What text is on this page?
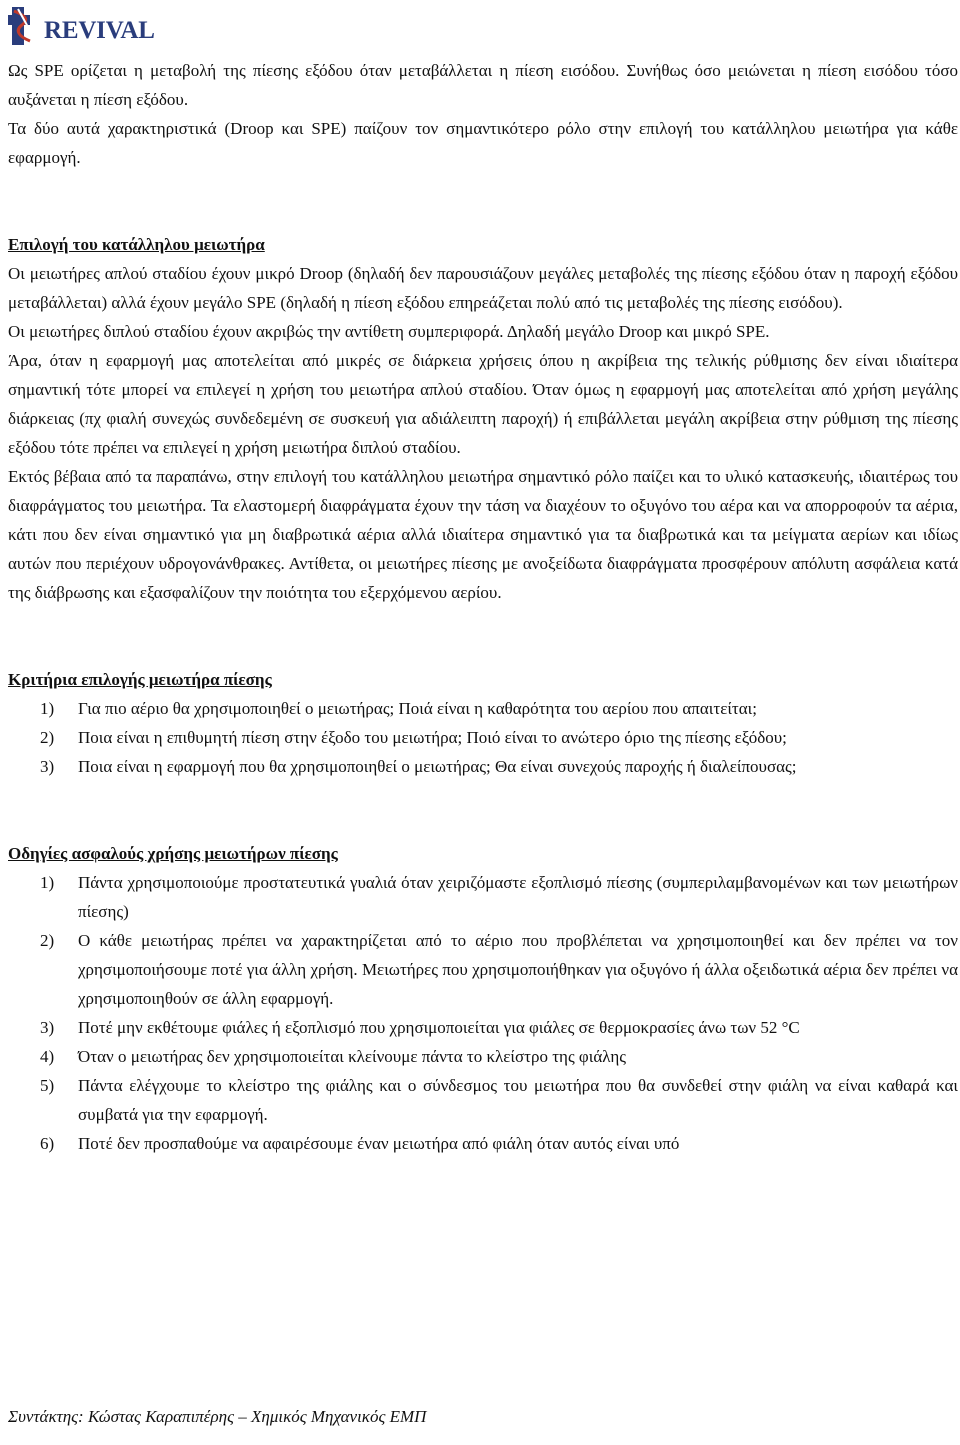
REVIVAL

Ως SPE ορίζεται η μεταβολή της πίεσης εξόδου όταν μεταβάλλεται η πίεση εισόδου. Συνήθως όσο μειώνεται η πίεση εισόδου τόσο αυξάνεται η πίεση εξόδου.

Τα δύο αυτά χαρακτηριστικά (Droop και SPE) παίζουν τον σημαντικότερο ρόλο στην επιλογή του κατάλληλου μειωτήρα για κάθε εφαρμογή.

Επιλογή του κατάλληλου μειωτήρα

Οι μειωτήρες απλού σταδίου έχουν μικρό Droop (δηλαδή δεν παρουσιάζουν μεγάλες μεταβολές της πίεσης εξόδου όταν η παροχή εξόδου μεταβάλλεται) αλλά έχουν μεγάλο SPE (δηλαδή η πίεση εξόδου επηρεάζεται πολύ από τις μεταβολές της πίεσης εισόδου).

Οι μειωτήρες διπλού σταδίου έχουν ακριβώς την αντίθετη συμπεριφορά. Δηλαδή μεγάλο Droop και μικρό SPE.

Άρα, όταν η εφαρμογή μας αποτελείται από μικρές σε διάρκεια χρήσεις όπου η ακρίβεια της τελικής ρύθμισης δεν είναι ιδιαίτερα σημαντική τότε μπορεί να επιλεγεί η χρήση του μειωτήρα απλού σταδίου. Όταν όμως η εφαρμογή μας αποτελείται από χρήση μεγάλης διάρκειας (πχ φιαλή συνεχώς συνδεδεμένη σε συσκευή για αδιάλειπτη παροχή) ή επιβάλλεται μεγάλη ακρίβεια στην ρύθμιση της πίεσης εξόδου τότε πρέπει να επιλεγεί η χρήση μειωτήρα διπλού σταδίου.

Εκτός βέβαια από τα παραπάνω, στην επιλογή του κατάλληλου μειωτήρα σημαντικό ρόλο παίζει και το υλικό κατασκευής, ιδιαιτέρως του διαφράγματος του μειωτήρα. Τα ελαστομερή διαφράγματα έχουν την τάση να διαχέουν το οξυγόνο του αέρα και να απορροφούν τα αέρια, κάτι που δεν είναι σημαντικό για μη διαβρωτικά αέρια αλλά ιδιαίτερα σημαντικό για τα διαβρωτικά και τα μείγματα αερίων και ιδίως αυτών που περιέχουν υδρογονάνθρακες. Αντίθετα, οι μειωτήρες πίεσης με ανοξείδωτα διαφράγματα προσφέρουν απόλυτη ασφάλεια κατά της διάβρωσης και εξασφαλίζουν την ποιότητα του εξερχόμενου αερίου.

Κριτήρια επιλογής μειωτήρα πίεσης

1) Για πιο αέριο θα χρησιμοποιηθεί ο μειωτήρας; Ποιά είναι η καθαρότητα του αερίου που απαιτείται;
2) Ποια είναι η επιθυμητή πίεση στην έξοδο του μειωτήρα; Ποιό είναι το ανώτερο όριο της πίεσης εξόδου;
3) Ποια είναι η εφαρμογή που θα χρησιμοποιηθεί ο μειωτήρας; Θα είναι συνεχούς παροχής ή διαλείπουσας;

Οδηγίες ασφαλούς χρήσης μειωτήρων πίεσης

1) Πάντα χρησιμοποιούμε προστατευτικά γυαλιά όταν χειριζόμαστε εξοπλισμό πίεσης (συμπεριλαμβανομένων και των μειωτήρων πίεσης)
2) Ο κάθε μειωτήρας πρέπει να χαρακτηρίζεται από το αέριο που προβλέπεται να χρησιμοποιηθεί και δεν πρέπει να τον χρησιμοποιήσουμε ποτέ για άλλη χρήση. Μειωτήρες που χρησιμοποιήθηκαν για οξυγόνο ή άλλα οξειδωτικά αέρια δεν πρέπει να χρησιμοποιηθούν σε άλλη εφαρμογή.
3) Ποτέ μην εκθέτουμε φιάλες ή εξοπλισμό που χρησιμοποιείται για φιάλες σε θερμοκρασίες άνω των 52 °C
4) Όταν ο μειωτήρας δεν χρησιμοποιείται κλείνουμε πάντα το κλείστρο της φιάλης
5) Πάντα ελέγχουμε το κλείστρο της φιάλης και ο σύνδεσμος του μειωτήρα που θα συνδεθεί στην φιάλη να είναι καθαρά και συμβατά για την εφαρμογή.
6) Ποτέ δεν προσπαθούμε να αφαιρέσουμε έναν μειωτήρα από φιάλη όταν αυτός είναι υπό
Συντάκτης: Κώστας Καραπιπέρης – Χημικός Μηχανικός ΕΜΠ
